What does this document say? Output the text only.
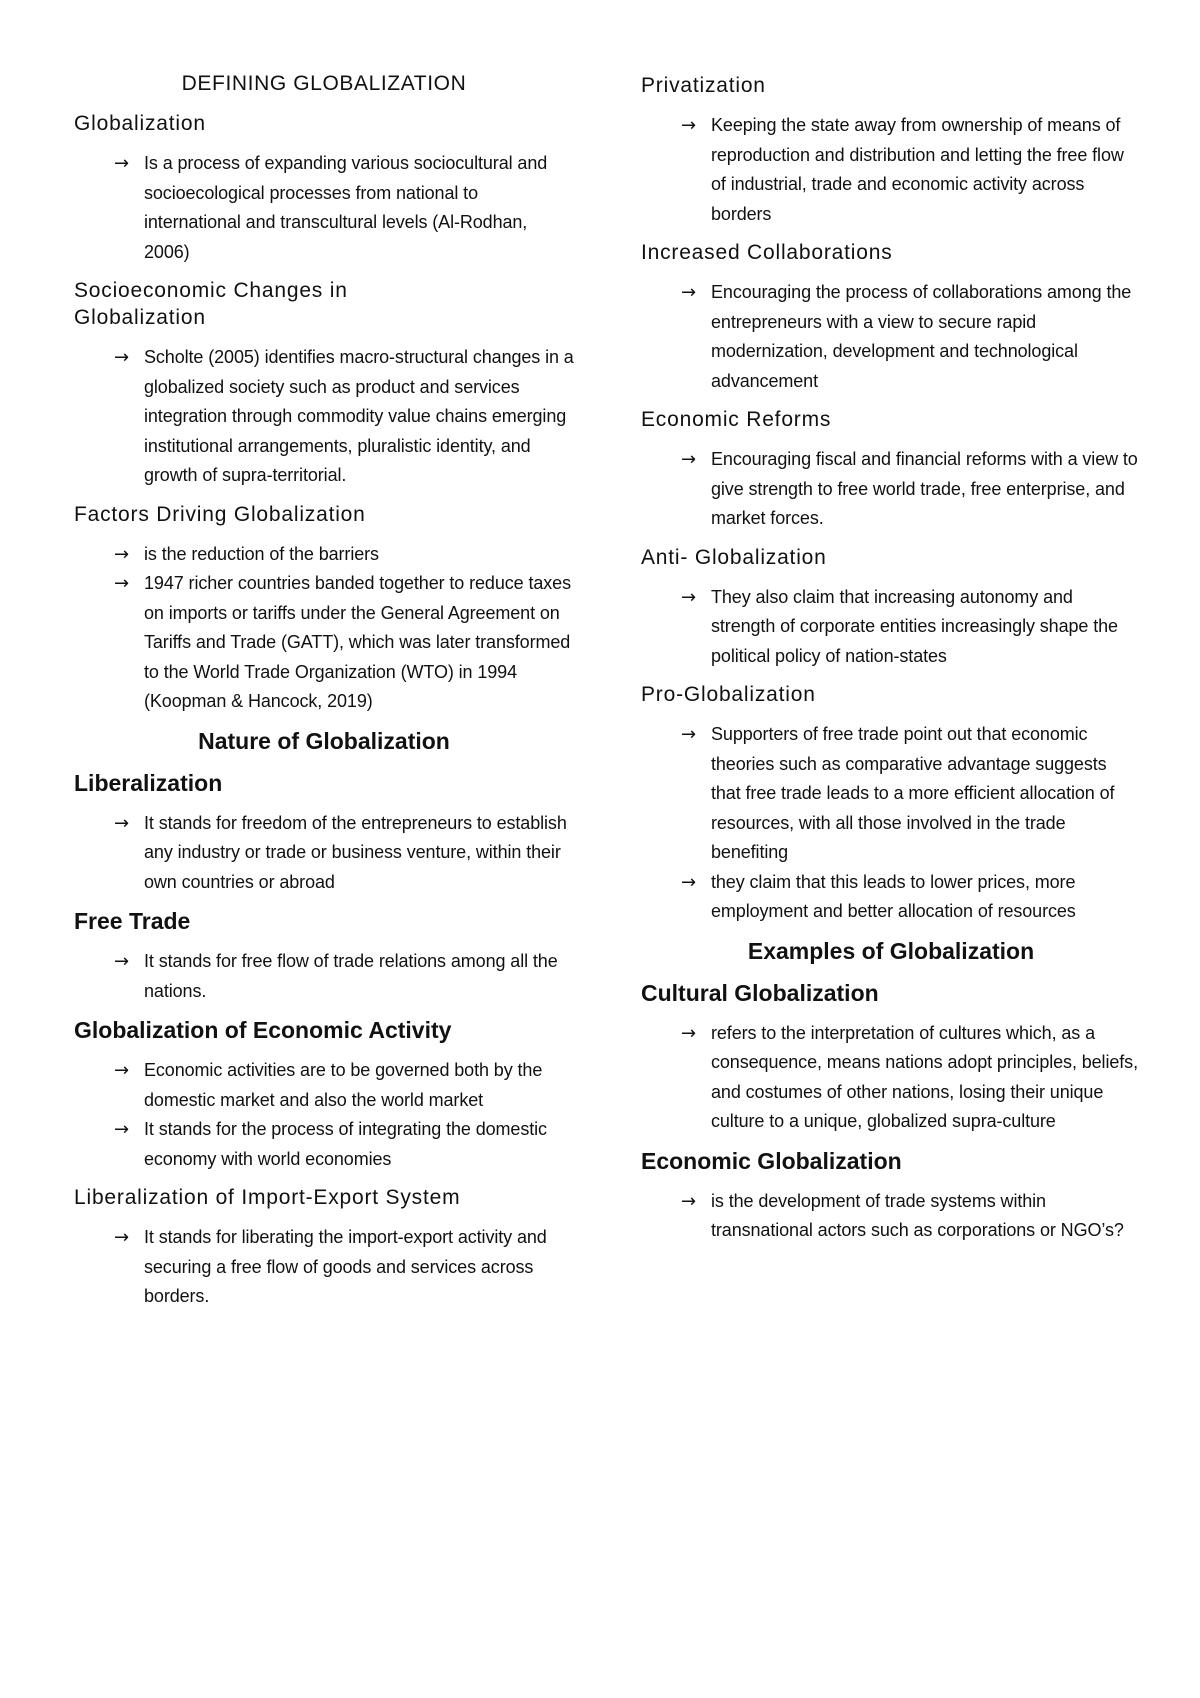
DEFINING GLOBALIZATION
Globalization
→ Is a process of expanding various sociocultural and socioecological processes from national to international and transcultural levels (Al-Rodhan, 2006)
Socioeconomic Changes in Globalization
→ Scholte (2005) identifies macro-structural changes in a globalized society such as product and services integration through commodity value chains emerging institutional arrangements, pluralistic identity, and growth of supra-territorial.
Factors Driving Globalization
→ is the reduction of the barriers
→ 1947 richer countries banded together to reduce taxes on imports or tariffs under the General Agreement on Tariffs and Trade (GATT), which was later transformed to the World Trade Organization (WTO) in 1994 (Koopman & Hancock, 2019)
Nature of Globalization
Liberalization
→ It stands for freedom of the entrepreneurs to establish any industry or trade or business venture, within their own countries or abroad
Free Trade
→ It stands for free flow of trade relations among all the nations.
Globalization of Economic Activity
→ Economic activities are to be governed both by the domestic market and also the world market
→ It stands for the process of integrating the domestic economy with world economies
Liberalization of Import-Export System
→ It stands for liberating the import-export activity and securing a free flow of goods and services across borders.
Privatization
→ Keeping the state away from ownership of means of reproduction and distribution and letting the free flow of industrial, trade and economic activity across borders
Increased Collaborations
→ Encouraging the process of collaborations among the entrepreneurs with a view to secure rapid modernization, development and technological advancement
Economic Reforms
→ Encouraging fiscal and financial reforms with a view to give strength to free world trade, free enterprise, and market forces.
Anti- Globalization
→ They also claim that increasing autonomy and strength of corporate entities increasingly shape the political policy of nation-states
Pro-Globalization
→ Supporters of free trade point out that economic theories such as comparative advantage suggests that free trade leads to a more efficient allocation of resources, with all those involved in the trade benefiting
→ they claim that this leads to lower prices, more employment and better allocation of resources
Examples of Globalization
Cultural Globalization
→ refers to the interpretation of cultures which, as a consequence, means nations adopt principles, beliefs, and costumes of other nations, losing their unique culture to a unique, globalized supra-culture
Economic Globalization
→ is the development of trade systems within transnational actors such as corporations or NGO’s?
